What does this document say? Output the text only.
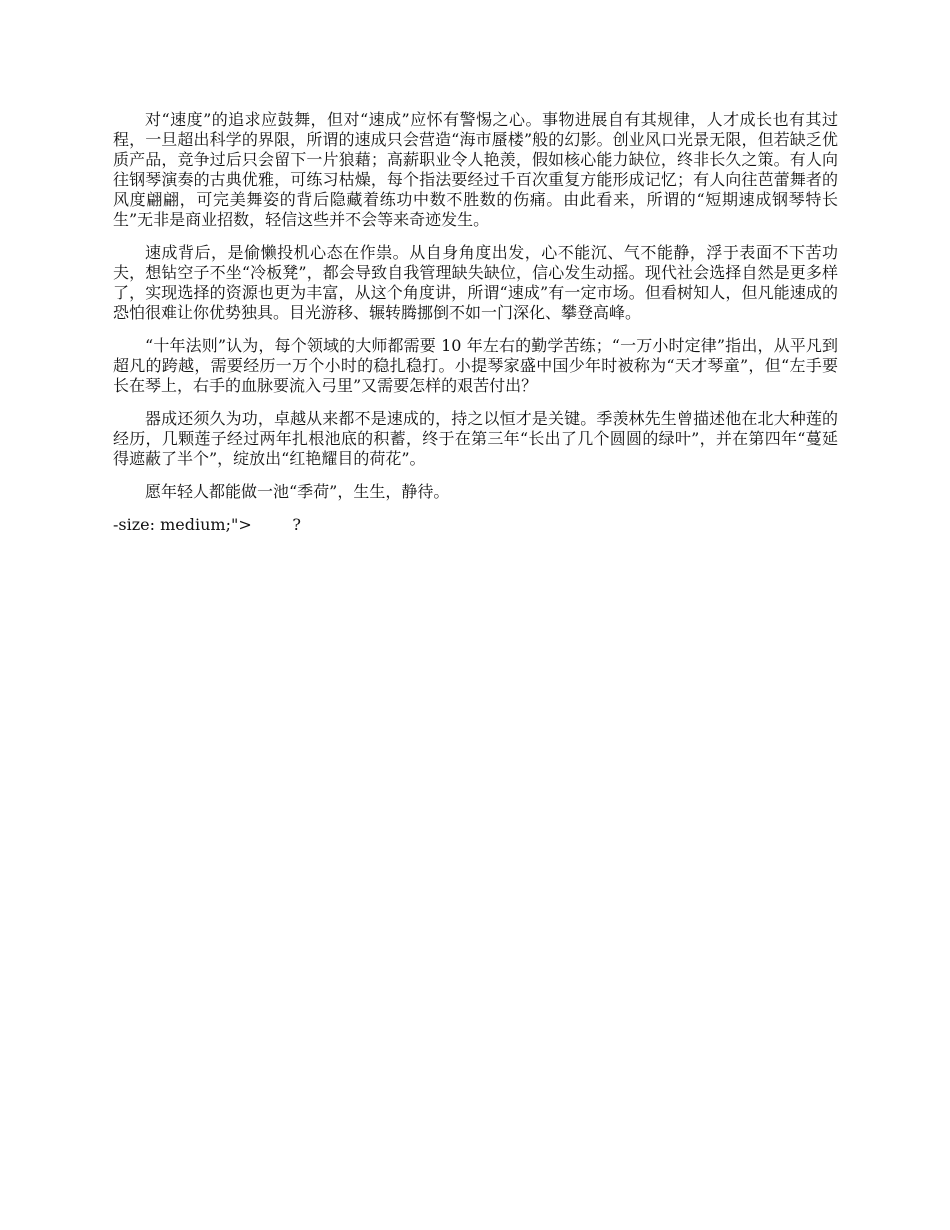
对“速度”的追求应鼓舞，但对“速成”应怀有警惕之心。事物进展自有其规律，人才成长也有其过程，一旦超出科学的界限，所谓的速成只会营造“海市蜃楼”般的幻影。创业风口光景无限，但若缺乏优质产品，竞争过后只会留下一片狼藉；高薪职业令人艳羡，假如核心能力缺位，终非长久之策。有人向往钢琴演奏的古典优雅，可练习枯燥，每个指法要经过千百次重复方能形成记忆；有人向往芭蕾舞者的风度翩翩，可完美舞姿的背后隐藏着练功中数不胜数的伤痛。由此看来，所谓的“短期速成钢琴特长生”无非是商业招数，轻信这些并不会等来奇迹发生。

速成背后，是偷懒投机心态在作祟。从自身角度出发，心不能沉、气不能静，浮于表面不下苦功夫，想钻空子不坐“冷板凳”，都会导致自我管理缺失缺位，信心发生动摇。现代社会选择自然是更多样了，实现选择的资源也更为丰富，从这个角度讲，所谓“速成”有一定市场。但看树知人，但凡能速成的恐怕很难让你优势独具。目光游移、辗转腾挪倒不如一门深化、攀登高峰。

“十年法则”认为，每个领域的大师都需要 10 年左右的勤学苦练；“一万小时定律”指出，从平凡到超凡的跨越，需要经历一万个小时的稳扎稳打。小提琴家盛中国少年时被称为“天才琴童”，但“左手要长在琴上，右手的血脉要流入弓里”又需要怎样的艰苦付出？

器成还须久为功，卓越从来都不是速成的，持之以恒才是关键。季羡林先生曾描述他在北大种莲的经历，几颗莲子经过两年扎根池底的积蓄，终于在第三年“长出了几个圆圆的绿叶”，并在第四年“蔓延得遮蔽了半个”，绽放出“红艳耀目的荷花”。

愿年轻人都能做一池“季荷”，生生，静待。

-size: medium;">        ?
